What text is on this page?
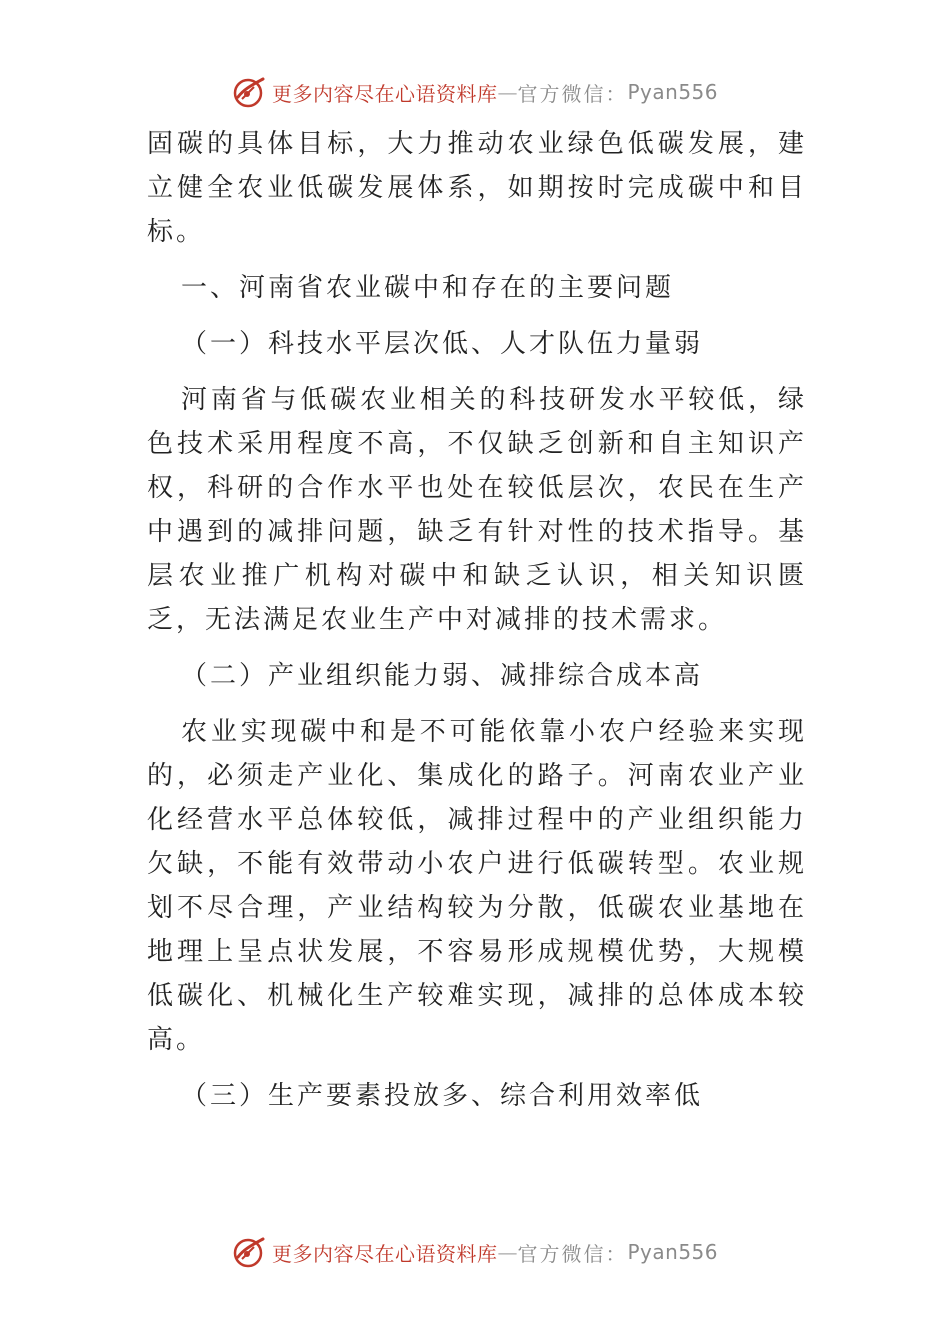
更多内容尽在心语资料库 — 官方微信： Pyan556

固碳的具体目标，大力推动农业绿色低碳发展，建立健全农业低碳发展体系，如期按时完成碳中和目标。

一、河南省农业碳中和存在的主要问题

（一）科技水平层次低、人才队伍力量弱

河南省与低碳农业相关的科技研发水平较低，绿色技术采用程度不高，不仅缺乏创新和自主知识产权，科研的合作水平也处在较低层次，农民在生产中遇到的减排问题，缺乏有针对性的技术指导。基层农业推广机构对碳中和缺乏认识，相关知识匮乏，无法满足农业生产中对减排的技术需求。

（二）产业组织能力弱、减排综合成本高

农业实现碳中和是不可能依靠小农户经验来实现的，必须走产业化、集成化的路子。河南农业产业化经营水平总体较低，减排过程中的产业组织能力欠缺，不能有效带动小农户进行低碳转型。农业规划不尽合理，产业结构较为分散，低碳农业基地在地理上呈点状发展，不容易形成规模优势，大规模低碳化、机械化生产较难实现，减排的总体成本较高。

（三）生产要素投放多、综合利用效率低

更多内容尽在心语资料库 — 官方微信： Pyan556
